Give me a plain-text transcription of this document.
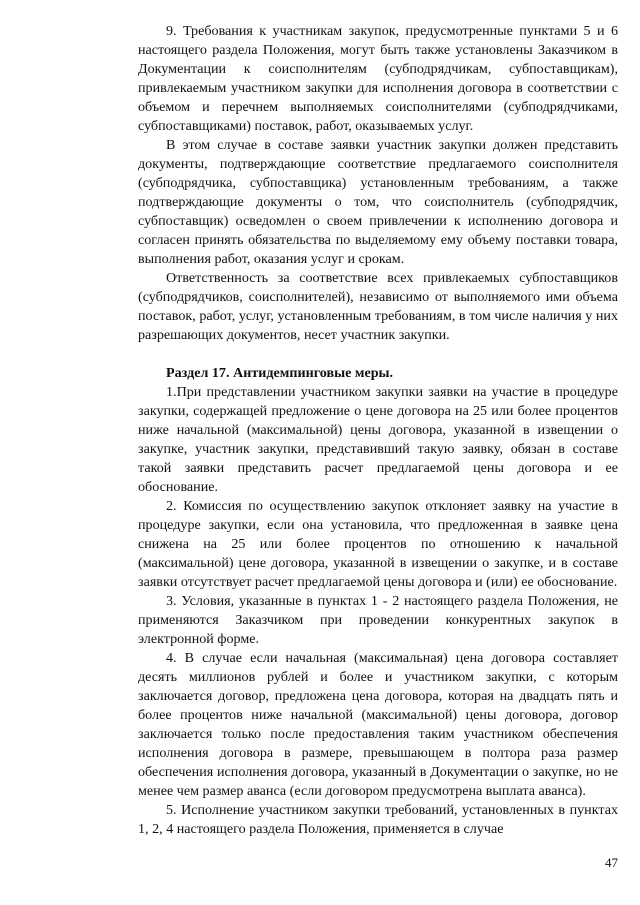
9. Требования к участникам закупок, предусмотренные пунктами 5 и 6 настоящего раздела Положения, могут быть также установлены Заказчиком в Документации к соисполнителям (субподрядчикам, субпоставщикам), привлекаемым участником закупки для исполнения договора в соответствии с объемом и перечнем выполняемых соисполнителями (субподрядчиками, субпоставщиками) поставок, работ, оказываемых услуг.

В этом случае в составе заявки участник закупки должен представить документы, подтверждающие соответствие предлагаемого соисполнителя (субподрядчика, субпоставщика) установленным требованиям, а также подтверждающие документы о том, что соисполнитель (субподрядчик, субпоставщик) осведомлен о своем привлечении к исполнению договора и согласен принять обязательства по выделяемому ему объему поставки товара, выполнения работ, оказания услуг и срокам.

Ответственность за соответствие всех привлекаемых субпоставщиков (субподрядчиков, соисполнителей), независимо от выполняемого ими объема поставок, работ, услуг, установленным требованиям, в том числе наличия у них разрешающих документов, несет участник закупки.

Раздел 17. Антидемпинговые меры.

1.При представлении участником закупки заявки на участие в процедуре закупки, содержащей предложение о цене договора на 25 или более процентов ниже начальной (максимальной) цены договора, указанной в извещении о закупке, участник закупки, представивший такую заявку, обязан в составе такой заявки представить расчет предлагаемой цены договора и ее обоснование.

2. Комиссия по осуществлению закупок отклоняет заявку на участие в процедуре закупки, если она установила, что предложенная в заявке цена снижена на 25 или более процентов по отношению к начальной (максимальной) цене договора, указанной в извещении о закупке, и в составе заявки отсутствует расчет предлагаемой цены договора и (или) ее обоснование.

3. Условия, указанные в пунктах 1 - 2 настоящего раздела Положения, не применяются Заказчиком при проведении конкурентных закупок в электронной форме.

4. В случае если начальная (максимальная) цена договора составляет десять миллионов рублей и более и участником закупки, с которым заключается договор, предложена цена договора, которая на двадцать пять и более процентов ниже начальной (максимальной) цены договора, договор заключается только после предоставления таким участником обеспечения исполнения договора в размере, превышающем в полтора раза размер обеспечения исполнения договора, указанный в Документации о закупке, но не менее чем размер аванса (если договором предусмотрена выплата аванса).

5. Исполнение участником закупки требований, установленных в пунктах 1, 2, 4 настоящего раздела Положения, применяется в случае

47
